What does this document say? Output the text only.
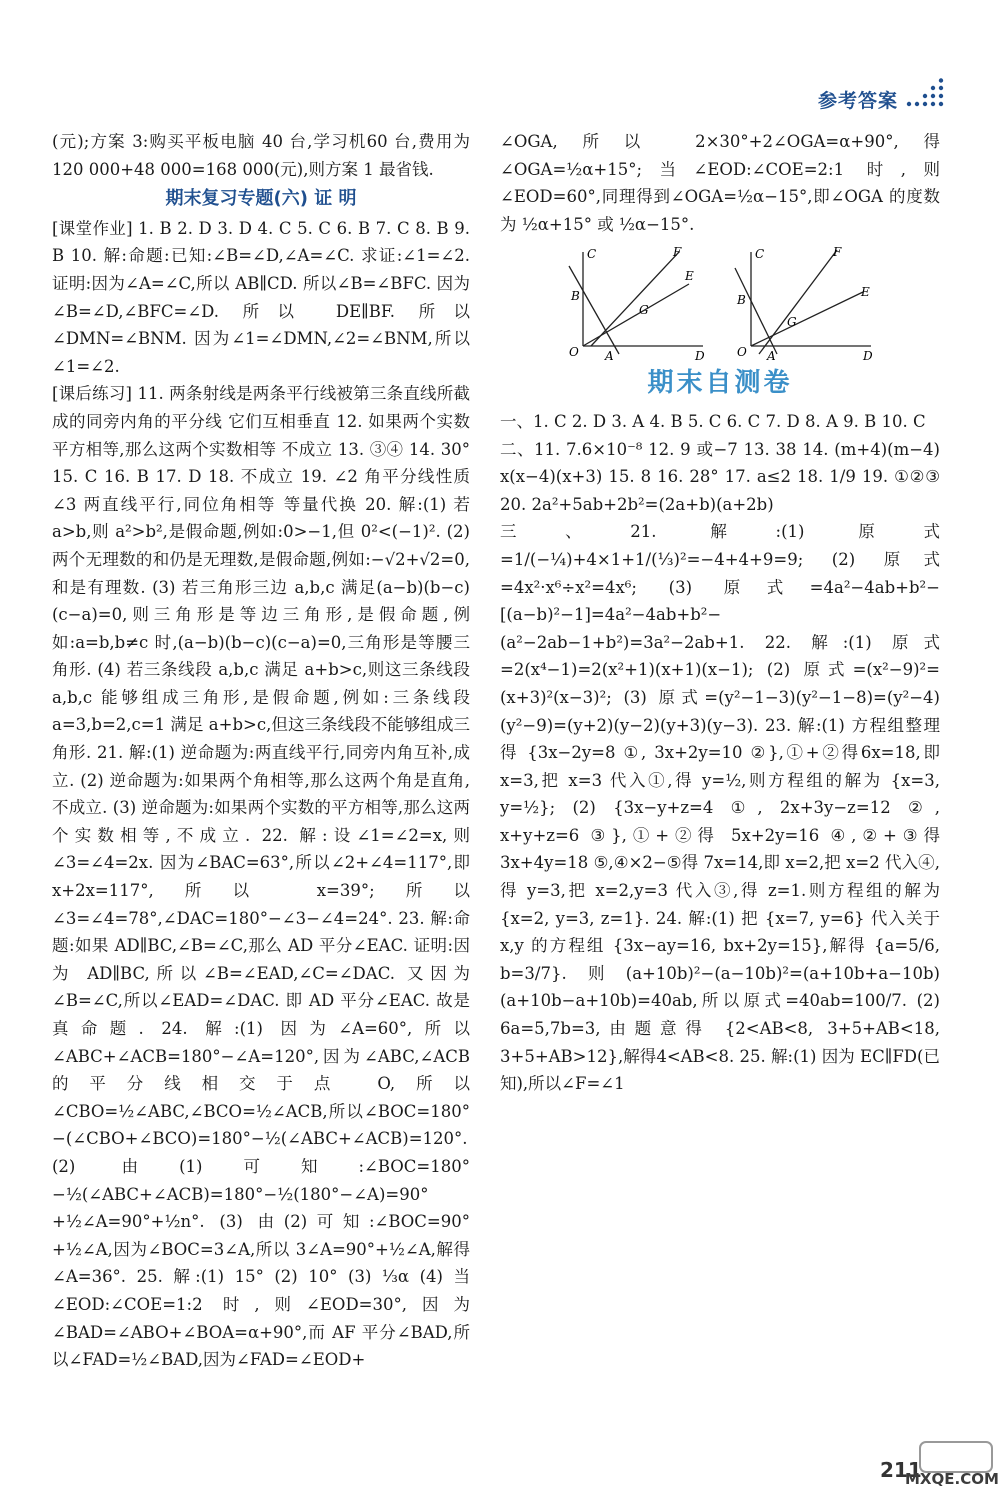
参考答案

(元);方案 3:购买平板电脑 40 台,学习机60 台,费用为 120 000+48 000=168 000(元),则方案 1 最省钱.

期末复习专题(六) 证 明

[课堂作业] 1. B 2. D 3. D 4. C 5. C 6. B 7. C 8. B 9. B 10. 解:命题:已知:∠B=∠D,∠A=∠C. 求证:∠1=∠2. 证明:因为∠A=∠C,所以 AB∥CD. 所以∠B=∠BFC. 因为∠B=∠D,∠BFC=∠D. 所以 DE∥BF. 所以∠DMN=∠BNM. 因为∠1=∠DMN,∠2=∠BNM,所以∠1=∠2.

[课后练习] 11. 两条射线是两条平行线被第三条直线所截成的同旁内角的平分线 它们互相垂直 12. 如果两个实数平方相等,那么这两个实数相等 不成立 13. ③④ 14. 30° 15. C 16. B 17. D 18. 不成立 19. ∠2 角平分线性质 ∠3 两直线平行,同位角相等 等量代换 20. 解:(1) 若 a>b,则 a²>b²,是假命题,例如:0>−1,但 0²<(−1)². (2) 两个无理数的和仍是无理数,是假命题,例如:−√2+√2=0,和是有理数. (3) 若三角形三边 a,b,c 满足(a−b)(b−c)(c−a)=0,则三角形是等边三角形,是假命题,例如:a=b,b≠c 时,(a−b)(b−c)(c−a)=0,三角形是等腰三角形. (4) 若三条线段 a,b,c 满足 a+b>c,则这三条线段 a,b,c 能够组成三角形,是假命题,例如:三条线段 a=3,b=2,c=1 满足 a+b>c,但这三条线段不能够组成三角形. 21. 解:(1) 逆命题为:两直线平行,同旁内角互补,成立. (2) 逆命题为:如果两个角相等,那么这两个角是直角,不成立. (3) 逆命题为:如果两个实数的平方相等,那么这两个实数相等,不成立. 22. 解:设∠1=∠2=x,则∠3=∠4=2x. 因为∠BAC=63°,所以∠2+∠4=117°,即x+2x=117°,所以 x=39°;所以∠3=∠4=78°,∠DAC=180°−∠3−∠4=24°. 23. 解:命题:如果 AD∥BC,∠B=∠C,那么 AD 平分∠EAC. 证明:因为 AD∥BC,所以∠B=∠EAD,∠C=∠DAC. 又因为∠B=∠C,所以∠EAD=∠DAC. 即 AD 平分∠EAC. 故是真命题. 24. 解:(1) 因为∠A=60°,所以∠ABC+∠ACB=180°−∠A=120°,因为∠ABC,∠ACB 的平分线相交于点 O,所以∠CBO=½∠ABC,∠BCO=½∠ACB,所以∠BOC=180°−(∠CBO+∠BCO)=180°−½(∠ABC+∠ACB)=120°. (2) 由(1)可知:∠BOC=180°−½(∠ABC+∠ACB)=180°−½(180°−∠A)=90°+½∠A=90°+½n°. (3) 由(2)可知:∠BOC=90°+½∠A,因为∠BOC=3∠A,所以 3∠A=90°+½∠A,解得∠A=36°. 25. 解:(1) 15° (2) 10° (3) ⅓α (4) 当∠EOD:∠COE=1:2 时,则∠EOD=30°,因为∠BAD=∠ABO+∠BOA=α+90°,而 AF 平分∠BAD,所以∠FAD=½∠BAD,因为∠FAD=∠EOD+

∠OGA,所以 2×30°+2∠OGA=α+90°,得∠OGA=½α+15°;当∠EOD:∠COE=2:1 时,则∠EOD=60°,同理得到∠OGA=½α−15°,即∠OGA 的度数为 ½α+15° 或 ½α−15°.

C	F
E
B
G
O A	D
C	F
E
B
G
O A	D
期末自测卷

一、1. C 2. D 3. A 4. B 5. C 6. C 7. D 8. A 9. B 10. C

二、11. 7.6×10⁻⁸ 12. 9 或−7 13. 38 14. (m+4)(m−4) x(x−4)(x+3) 15. 8 16. 28° 17. a≤2 18. 1/9 19. ①②③ 20. 2a²+5ab+2b²=(2a+b)(a+2b)

三、21. 解:(1) 原式=1/(−¼)+4×1+1/(⅓)²=−4+4+9=9; (2) 原式=4x²·x⁶÷x²=4x⁶; (3) 原式=4a²−4ab+b²−[(a−b)²−1]=4a²−4ab+b²−(a²−2ab−1+b²)=3a²−2ab+1. 22. 解:(1) 原式=2(x⁴−1)=2(x²+1)(x+1)(x−1); (2) 原式=(x²−9)²=(x+3)²(x−3)²; (3) 原式=(y²−1−3)(y²−1−8)=(y²−4)(y²−9)=(y+2)(y−2)(y+3)(y−3). 23. 解:(1) 方程组整理得 {3x−2y=8 ①, 3x+2y=10 ②},①+②得6x=18,即 x=3,把 x=3 代入①,得 y=½,则方程组的解为 {x=3, y=½}; (2) {3x−y+z=4 ①, 2x+3y−z=12 ②, x+y+z=6 ③},①+②得 5x+2y=16 ④,②+③得 3x+4y=18 ⑤,④×2−⑤得 7x=14,即 x=2,把 x=2 代入④,得 y=3,把 x=2,y=3 代入③,得 z=1.则方程组的解为 {x=2, y=3, z=1}. 24. 解:(1) 把 {x=7, y=6} 代入关于 x,y 的方程组 {3x−ay=16, bx+2y=15},解得 {a=5/6, b=3/7}.则(a+10b)²−(a−10b)²=(a+10b+a−10b)(a+10b−a+10b)=40ab,所以原式=40ab=100/7. (2) 6a=5,7b=3,由题意得 {2<AB<8, 3+5+AB<18, 3+5+AB>12},解得4<AB<8. 25. 解:(1) 因为 EC∥FD(已知),所以∠F=∠1

211
MXQE.COM
